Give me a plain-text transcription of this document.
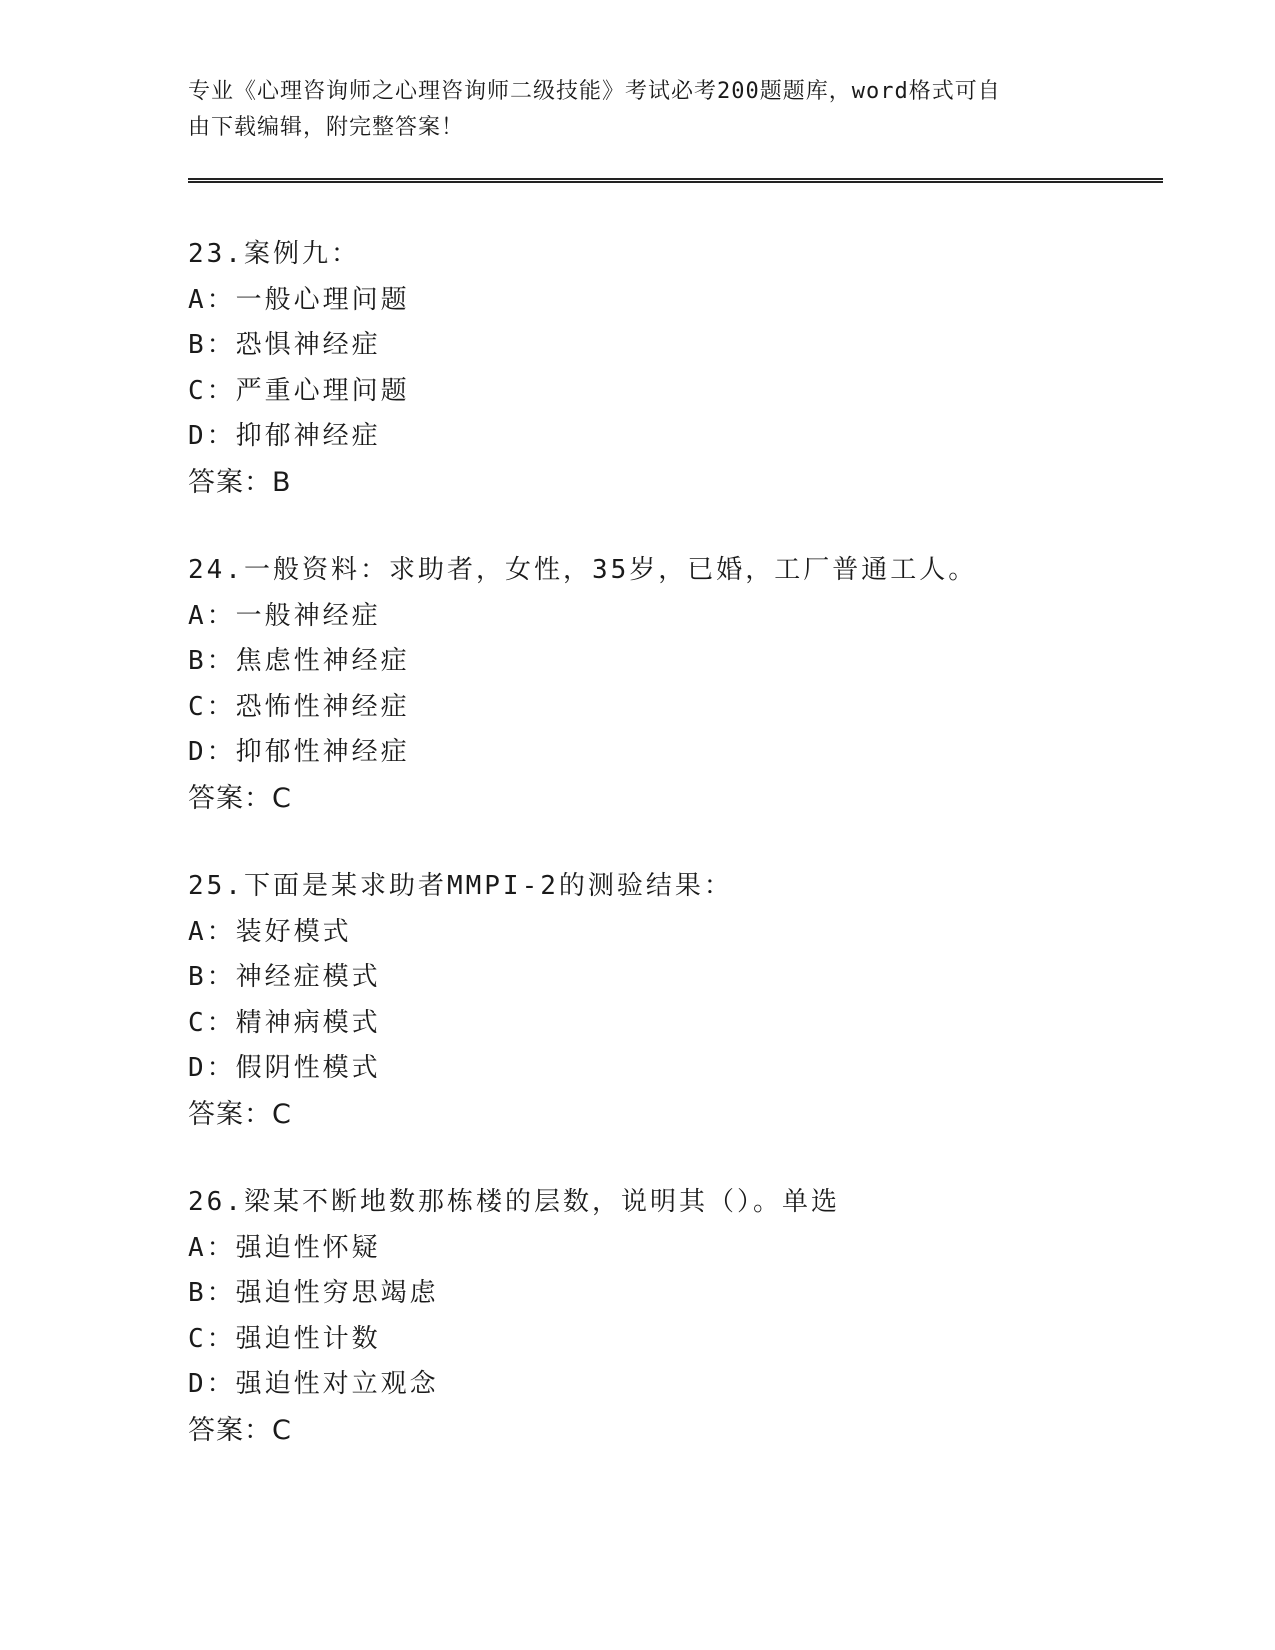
专业《心理咨询师之心理咨询师二级技能》考试必考200题题库，word格式可自
由下载编辑，附完整答案！
23.案例九：
A：一般心理问题
B：恐惧神经症
C：严重心理问题
D：抑郁神经症
答案：B
24.一般资料：求助者，女性，35岁，已婚，工厂普通工人。
A：一般神经症
B：焦虑性神经症
C：恐怖性神经症
D：抑郁性神经症
答案：C
25.下面是某求助者MMPI-2的测验结果：
A：装好模式
B：神经症模式
C：精神病模式
D：假阴性模式
答案：C
26.梁某不断地数那栋楼的层数，说明其（）。单选
A：强迫性怀疑
B：强迫性穷思竭虑
C：强迫性计数
D：强迫性对立观念
答案：C
